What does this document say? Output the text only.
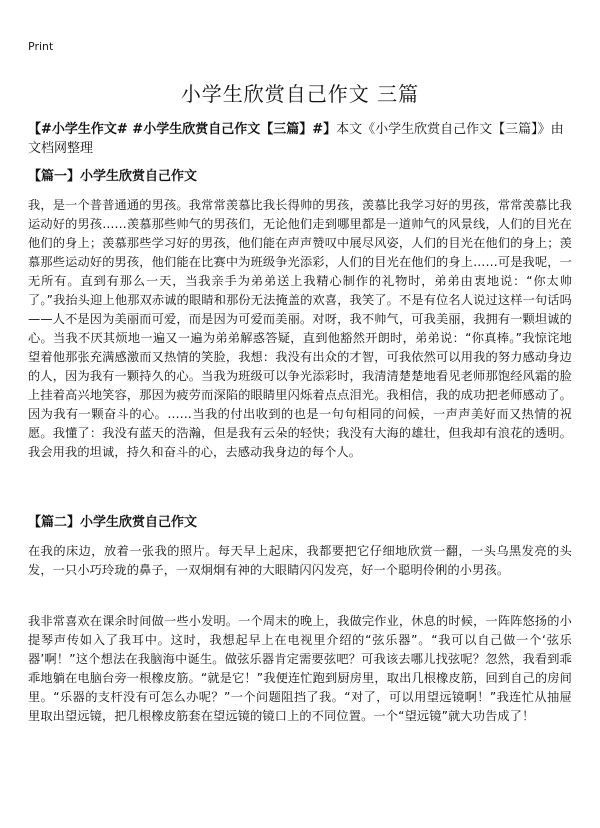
Print
小学生欣赏自己作文 三篇
【#小学生作文# #小学生欣赏自己作文【三篇】#】本文《小学生欣赏自己作文【三篇】》由文档网整理
【篇一】小学生欣赏自己作文
我，是一个普普通通的男孩。我常常羡慕比我长得帅的男孩，羡慕比我学习好的男孩，常常羡慕比我运动好的男孩……羡慕那些帅气的男孩们，无论他们走到哪里都是一道帅气的风景线，人们的目光在他们的身上；羡慕那些学习好的男孩，他们能在声声赞叹中展尽风姿，人们的目光在他们的身上；羡慕那些运动好的男孩，他们能在比赛中为班级争光添彩，人们的目光在他们的身上……可是我呢，一无所有。直到有那么一天，当我亲手为弟弟送上我精心制作的礼物时，弟弟由衷地说：“你太帅了。”我抬头迎上他那双赤诚的眼睛和那份无法掩盖的欢喜，我笑了。不是有位名人说过这样一句话吗——人不是因为美丽而可爱，而是因为可爱而美丽。对呀，我不帅气，可我美丽，我拥有一颗坦诚的心。当我不厌其烦地一遍又一遍为弟弟解惑答疑，直到他豁然开朗时，弟弟说：“你真棒。”我惊诧地望着他那张充满感激而又热情的笑脸，我想：我没有出众的才智，可我依然可以用我的努力感动身边的人，因为我有一颗持久的心。当我为班级可以争光添彩时，我清清楚楚地看见老师那饱经风霜的脸上挂着高兴地笑容，那因为疲劳而深陷的眼睛里闪烁着点点泪光。我相信，我的成功把老师感动了。因为我有一颗奋斗的心。……当我的付出收到的也是一句句相同的问候，一声声美好而又热情的祝愿。我懂了：我没有蓝天的浩瀚，但是我有云朵的轻快；我没有大海的雄壮，但我却有浪花的透明。我会用我的坦诚，持久和奋斗的心，去感动我身边的每个人。
【篇二】小学生欣赏自己作文
在我的床边，放着一张我的照片。每天早上起床，我都要把它仔细地欣赏一翻，一头乌黑发亮的头发，一只小巧玲珑的鼻子，一双炯炯有神的大眼睛闪闪发亮，好一个聪明伶俐的小男孩。
我非常喜欢在课余时间做一些小发明。一个周末的晚上，我做完作业，休息的时候，一阵阵悠扬的小提琴声传如入了我耳中。这时，我想起早上在电视里介绍的“弦乐器”。“我可以自己做一个‘弦乐器’啊！”这个想法在我脑海中诞生。做弦乐器肯定需要弦吧？可我该去哪儿找弦呢？忽然，我看到乖乖地躺在电脑台旁一根橡皮筋。“就是它！”我便连忙跑到厨房里，取出几根橡皮筋，回到自己的房间里。“乐器的支杆没有可怎么办呢？”一个问题阻挡了我。“对了，可以用望远镜啊！”我连忙从抽屉里取出望远镜，把几根橡皮筋套在望远镜的镜口上的不同位置。一个“望远镜”就大功告成了！
